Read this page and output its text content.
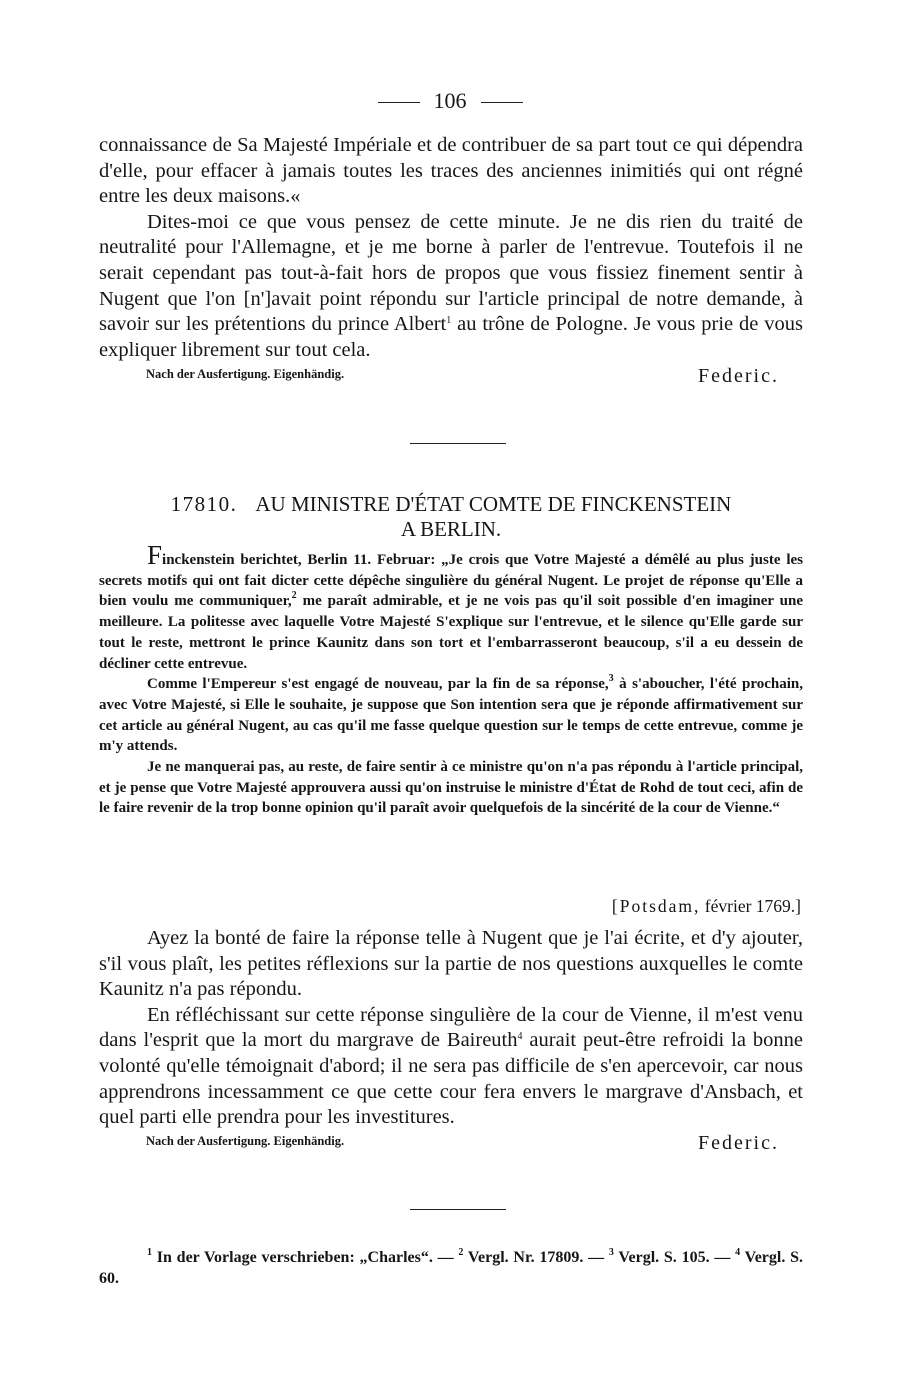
106

connaissance de Sa Majesté Impériale et de contribuer de sa part tout ce qui dépendra d'elle, pour effacer à jamais toutes les traces des anciennes inimitiés qui ont régné entre les deux maisons.«

Dites-moi ce que vous pensez de cette minute. Je ne dis rien du traité de neutralité pour l'Allemagne, et je me borne à parler de l'entrevue. Toutefois il ne serait cependant pas tout-à-fait hors de propos que vous fissiez finement sentir à Nugent que l'on [n']avait point répondu sur l'article principal de notre demande, à savoir sur les prétentions du prince Albert$^1$ au trône de Pologne. Je vous prie de vous expliquer librement sur tout cela.

Nach der Ausfertigung. Eigenhändig.	Federic.
17810. AU MINISTRE D'ÉTAT COMTE DE FINCKENSTEIN
A BERLIN.

Finckenstein berichtet, Berlin 11. Februar: „Je crois que Votre Majesté a démêlé au plus juste les secrets motifs qui ont fait dicter cette dépêche singulière du général Nugent. Le projet de réponse qu'Elle a bien voulu me communiquer,$^2$ me paraît admirable, et je ne vois pas qu'il soit possible d'en imaginer une meilleure. La politesse avec laquelle Votre Majesté S'explique sur l'entrevue, et le silence qu'Elle garde sur tout le reste, mettront le prince Kaunitz dans son tort et l'embarrasseront beaucoup, s'il a eu dessein de décliner cette entrevue.

Comme l'Empereur s'est engagé de nouveau, par la fin de sa réponse,$^3$ à s'aboucher, l'été prochain, avec Votre Majesté, si Elle le souhaite, je suppose que Son intention sera que je réponde affirmativement sur cet article au général Nugent, au cas qu'il me fasse quelque question sur le temps de cette entrevue, comme je m'y attends.

Je ne manquerai pas, au reste, de faire sentir à ce ministre qu'on n'a pas répondu à l'article principal, et je pense que Votre Majesté approuvera aussi qu'on instruise le ministre d'État de Rohd de tout ceci, afin de le faire revenir de la trop bonne opinion qu'il paraît avoir quelquefois de la sincérité de la cour de Vienne.“

[Potsdam, février 1769.]

Ayez la bonté de faire la réponse telle à Nugent que je l'ai écrite, et d'y ajouter, s'il vous plaît, les petites réflexions sur la partie de nos questions auxquelles le comte Kaunitz n'a pas répondu.

En réfléchissant sur cette réponse singulière de la cour de Vienne, il m'est venu dans l'esprit que la mort du margrave de Baireuth$^4$ aurait peut-être refroidi la bonne volonté qu'elle témoignait d'abord; il ne sera pas difficile de s'en apercevoir, car nous apprendrons incessamment ce que cette cour fera envers le margrave d'Ansbach, et quel parti elle prendra pour les investitures.

Nach der Ausfertigung. Eigenhändig.	Federic.
$^1$ In der Vorlage verschrieben: „Charles“. — $^2$ Vergl. Nr. 17809. — $^3$ Vergl. S. 105. — $^4$ Vergl. S. 60.
